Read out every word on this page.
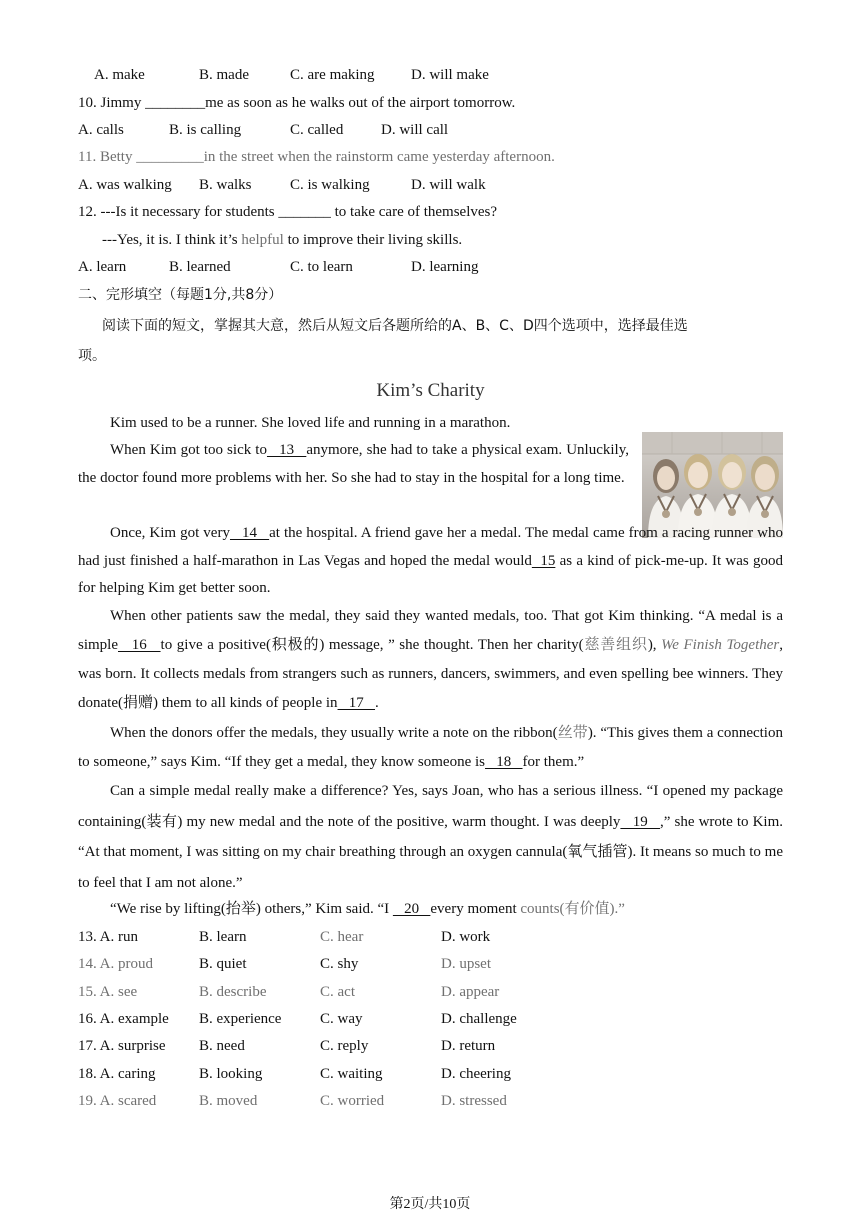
A. make	B. made	C. are making D. will make
10. Jimmy ________me as soon as he walks out of the airport tomorrow.
A. calls	B. is calling	C. called	D. will call
11. Betty _________in the street when the rainstorm came yesterday afternoon.
A. was walking B. walks	C. is walking	D. will walk
12. ---Is it necessary for students _______ to take care of themselves?
---Yes, it is. I think it’s helpful to improve their living skills.
A. learn	B. learned	C. to learn	D. learning
二、完形填空（每题1分,共8分）
阅读下面的短文，掌握其大意，然后从短文后各题所给的A、B、C、D四个选项中，选择最佳选
项。
Kim’s Charity
Kim used to be a runner. She loved life and running in a marathon.
When Kim got too sick to   13   anymore, she had to take a physical exam. Unluckily, the doctor found more problems with her. So she had to stay in the hospital for a long time.
Once, Kim got very   14   at the hospital. A friend gave her a medal. The medal came from a racing runner who had just finished a half-marathon in Las Vegas and hoped the medal would  15 as a kind of pick-me-up. It was good for helping Kim get better soon.
When other patients saw the medal, they said they wanted medals, too. That got Kim thinking. “A medal is a simple   16   to give a positive(积极的) message, ” she thought. Then her charity(慈善组织), We Finish Together, was born. It collects medals from strangers such as runners, dancers, swimmers, and even spelling bee winners. They donate(捐赠) them to all kinds of people in   17   .
When the donors offer the medals, they usually write a note on the ribbon(丝带). “This gives them a connection to someone,” says Kim. “If they get a medal, they know someone is   18   for them.”
Can a simple medal really make a difference? Yes, says Joan, who has a serious illness. “I opened my package containing(装有) my new medal and the note of the positive, warm thought. I was deeply   19   ,” she wrote to Kim. “At that moment, I was sitting on my chair breathing through an oxygen cannula(氧气插管). It means so much to me to feel that I am not alone.”
“We rise by lifting(抬举) others,” Kim said. “I    20   every moment counts(有价值).”
13. A. run	B. learn	C. hear	D. work
14. A. proud	B. quiet	C. shy	D. upset
15. A. see	B. describe	C. act	D. appear
16. A. example B. experience	C. way	D. challenge
17. A. surprise B. need	C. reply	D. return
18. A. caring	B. looking	C. waiting	D. cheering
19. A. scared	B. moved	C. worried	D. stressed
第2页/共10页
